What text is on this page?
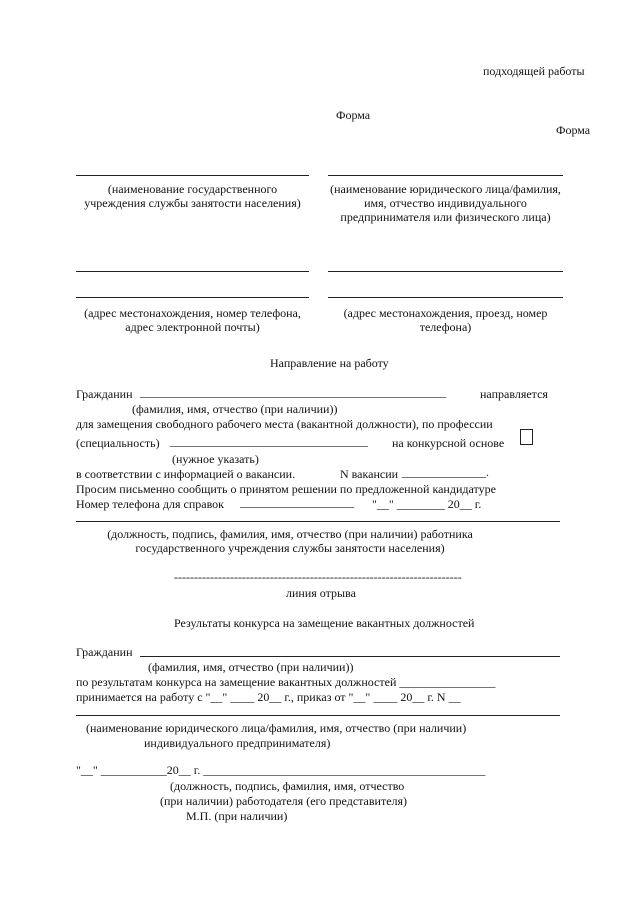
подходящей работы
Форма
Форма
(наименование государственного учреждения службы занятости населения)
(наименование юридического лица/фамилия, имя, отчество индивидуального предпринимателя или физического лица)
(адрес местонахождения, номер телефона, адрес электронной почты)
(адрес местонахождения, проезд, номер телефона)
Направление на работу
Гражданин ___________________________________________________	направляется
(фамилия, имя, отчество (при наличии))
для замещения свободного рабочего места (вакантной должности), по профессии
(специальность) _________________________________ на конкурсной основе
(нужное указать)
в соответствии с информацией о вакансии.	N вакансии ______________.
Просим письменно сообщить о принятом решении по предложенной кандидатуре
Номер телефона для справок ___________________ "__" ________ 20__ г.
(должность, подпись, фамилия, имя, отчество (при наличии) работника государственного учреждения службы занятости населения)
------------------------------------------------------------------------
линия отрыва
Результаты конкурса на замещение вакантных должностей
Гражданин
(фамилия, имя, отчество (при наличии))
по результатам конкурса на замещение вакантных должностей ________________
принимается на работу с "__" ____ 20__ г., приказ от "__" ____ 20__ г. N __
(наименование юридического лица/фамилия, имя, отчество (при наличии)
индивидуального предпринимателя)
"__" ___________20__ г. _______________________________________________
(должность, подпись, фамилия, имя, отчество
(при наличии) работодателя (его представителя)
М.П. (при наличии)
